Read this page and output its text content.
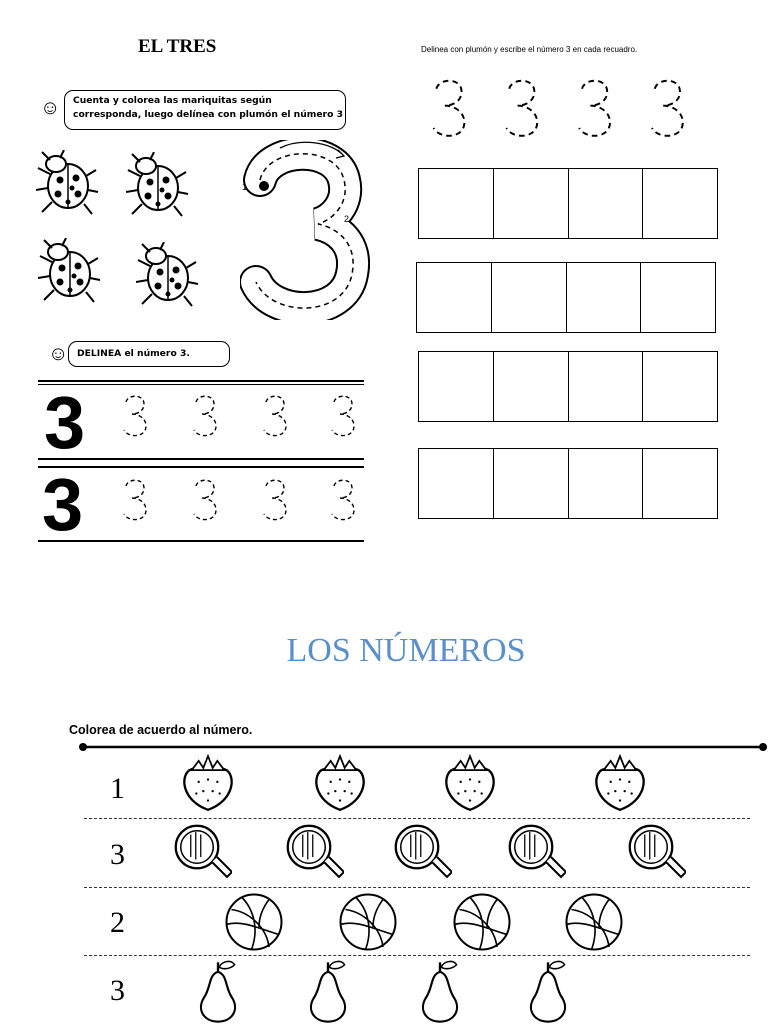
EL TRES	Delinea con plumón y escribe el número 3 en cada recuadro.
☺ Cuenta y colorea las mariquitas según
corresponda, luego delínea con plumón el número 3
1
2
☺ DELINEA el número 3.
3
3
LOS NÚMEROS
Colorea de acuerdo al número.
1
3
2
3
